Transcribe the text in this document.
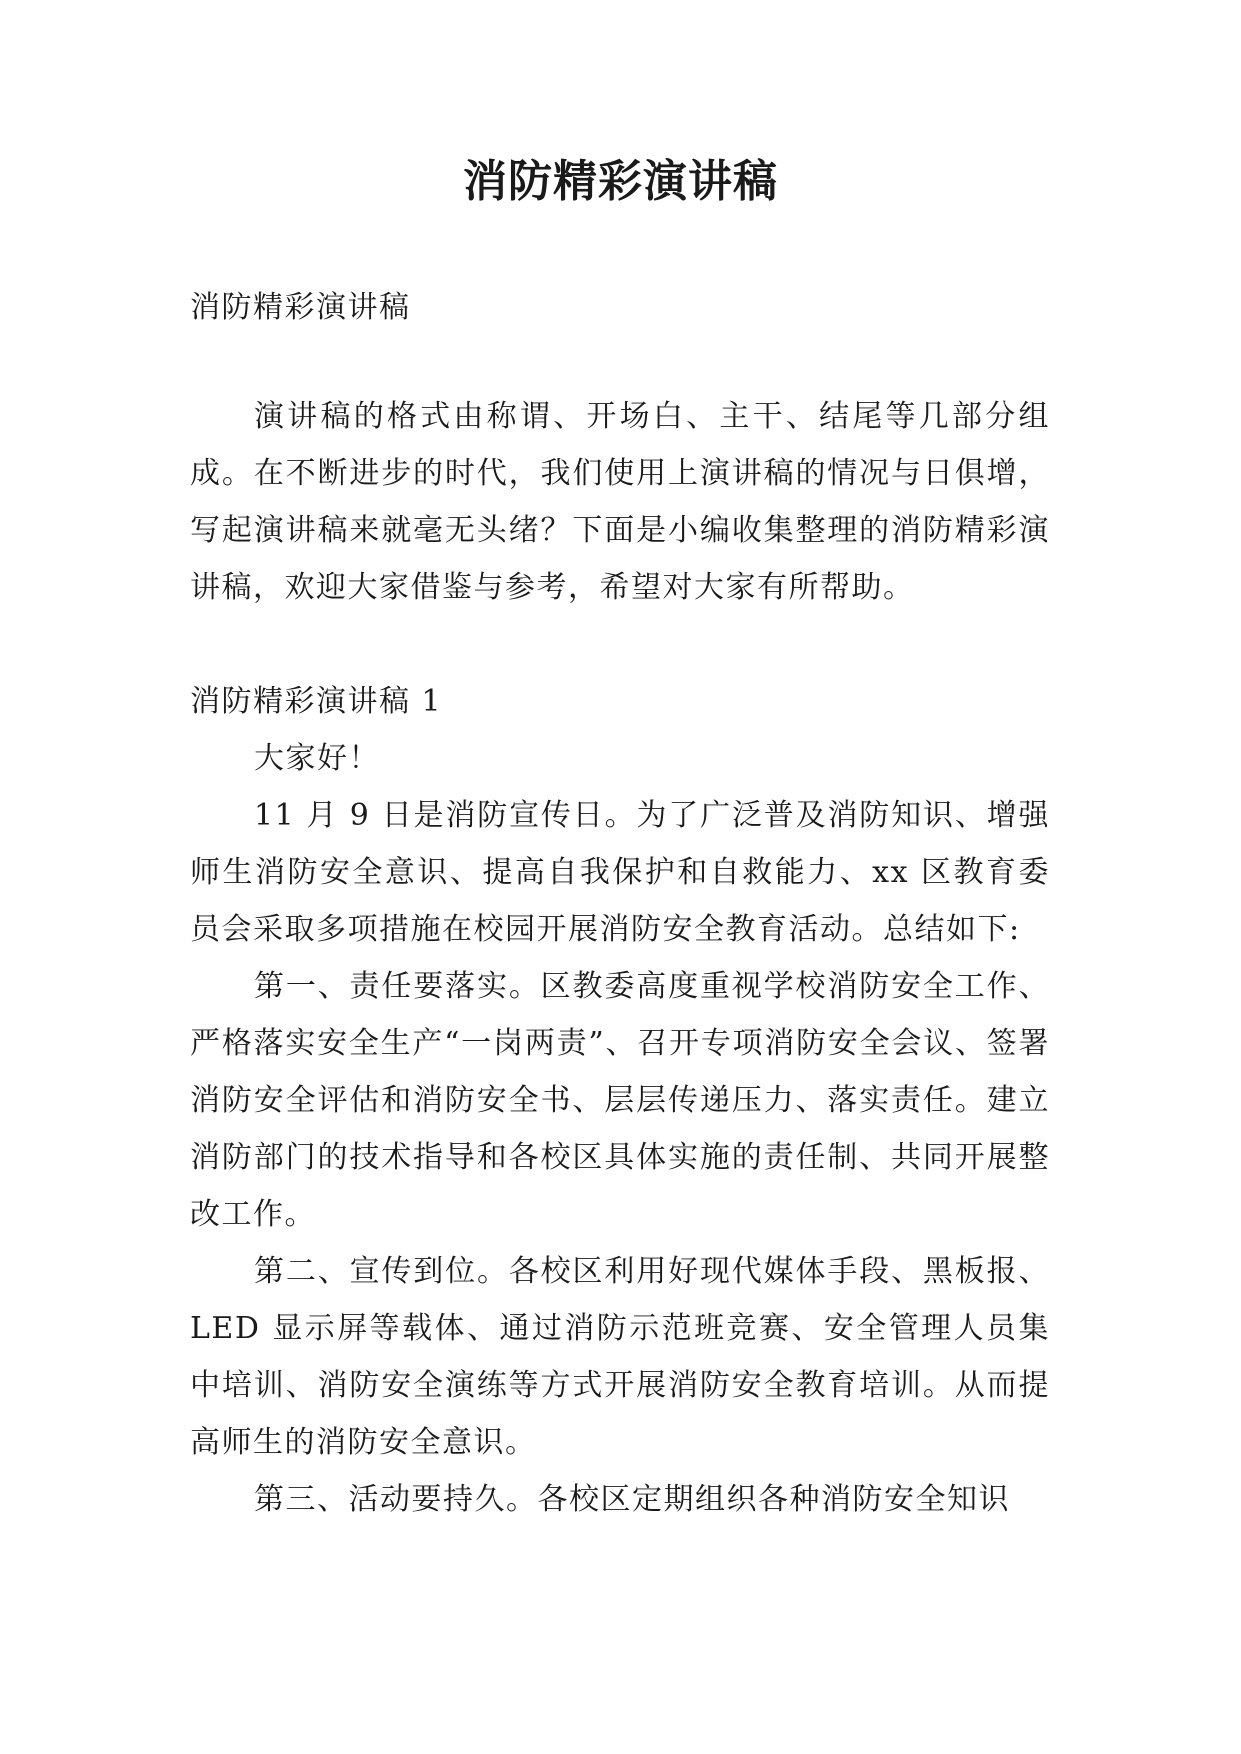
消防精彩演讲稿

消防精彩演讲稿

演讲稿的格式由称谓、开场白、主干、结尾等几部分组成。在不断进步的时代，我们使用上演讲稿的情况与日俱增，写起演讲稿来就毫无头绪？下面是小编收集整理的消防精彩演讲稿，欢迎大家借鉴与参考，希望对大家有所帮助。

消防精彩演讲稿 1

大家好！

11 月 9 日是消防宣传日。为了广泛普及消防知识、增强师生消防安全意识、提高自我保护和自救能力、xx 区教育委员会采取多项措施在校园开展消防安全教育活动。总结如下:

第一、责任要落实。区教委高度重视学校消防安全工作、严格落实安全生产“一岗两责”、召开专项消防安全会议、签署消防安全评估和消防安全书、层层传递压力、落实责任。建立消防部门的技术指导和各校区具体实施的责任制、共同开展整改工作。

第二、宣传到位。各校区利用好现代媒体手段、黑板报、LED 显示屏等载体、通过消防示范班竞赛、安全管理人员集中培训、消防安全演练等方式开展消防安全教育培训。从而提高师生的消防安全意识。

第三、活动要持久。各校区定期组织各种消防安全知识
